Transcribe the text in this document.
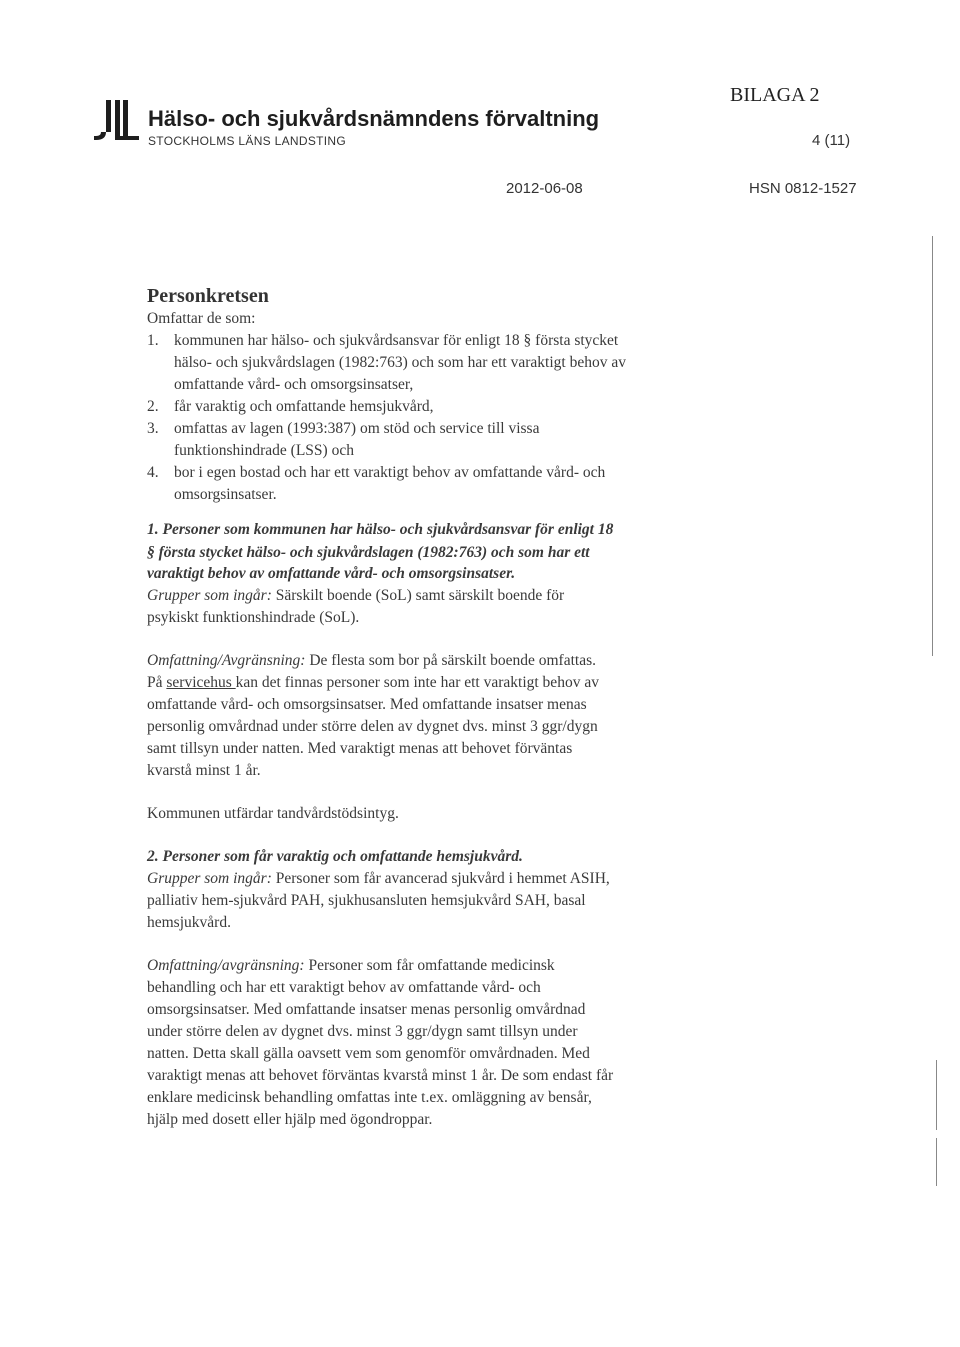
Hälso- och sjukvårdsnämndens förvaltning
STOCKHOLMS LÄNS LANDSTING
BILAGA 2
4 (11)
2012-06-08	HSN 0812-1527
Personkretsen
Omfattar de som:
1. kommunen har hälso- och sjukvårdsansvar för enligt 18 § första stycket
hälso- och sjukvårdslagen (1982:763) och som har ett varaktigt behov av
omfattande vård- och omsorgsinsatser,
2. får varaktig och omfattande hemsjukvård,
3. omfattas av lagen (1993:387) om stöd och service till vissa
funktionshindrade (LSS) och
4. bor i egen bostad och har ett varaktigt behov av omfattande vård- och
omsorgsinsatser.
1. Personer som kommunen har hälso- och sjukvårdsansvar för enligt 18
§ första stycket hälso- och sjukvårdslagen (1982:763) och som har ett
varaktigt behov av omfattande vård- och omsorgsinsatser.
Grupper som ingår: Särskilt boende (SoL) samt särskilt boende för
psykiskt funktionshindrade (SoL).
Omfattning/Avgränsning: De flesta som bor på särskilt boende omfattas.
På servicehus kan det finnas personer som inte har ett varaktigt behov av
omfattande vård- och omsorgsinsatser. Med omfattande insatser menas
personlig omvårdnad under större delen av dygnet dvs. minst 3 ggr/dygn
samt tillsyn under natten. Med varaktigt menas att behovet förväntas
kvarstå minst 1 år.
Kommunen utfärdar tandvårdstödsintyg.
2. Personer som får varaktig och omfattande hemsjukvård.
Grupper som ingår: Personer som får avancerad sjukvård i hemmet ASIH,
palliativ hem-sjukvård PAH, sjukhusansluten hemsjukvård SAH, basal
hemsjukvård.
Omfattning/avgränsning: Personer som får omfattande medicinsk
behandling och har ett varaktigt behov av omfattande vård- och
omsorgsinsatser. Med omfattande insatser menas personlig omvårdnad
under större delen av dygnet dvs. minst 3 ggr/dygn samt tillsyn under
natten. Detta skall gälla oavsett vem som genomför omvårdnaden. Med
varaktigt menas att behovet förväntas kvarstå minst 1 år. De som endast får
enklare medicinsk behandling omfattas inte t.ex. omläggning av bensår,
hjälp med dosett eller hjälp med ögondroppar.
